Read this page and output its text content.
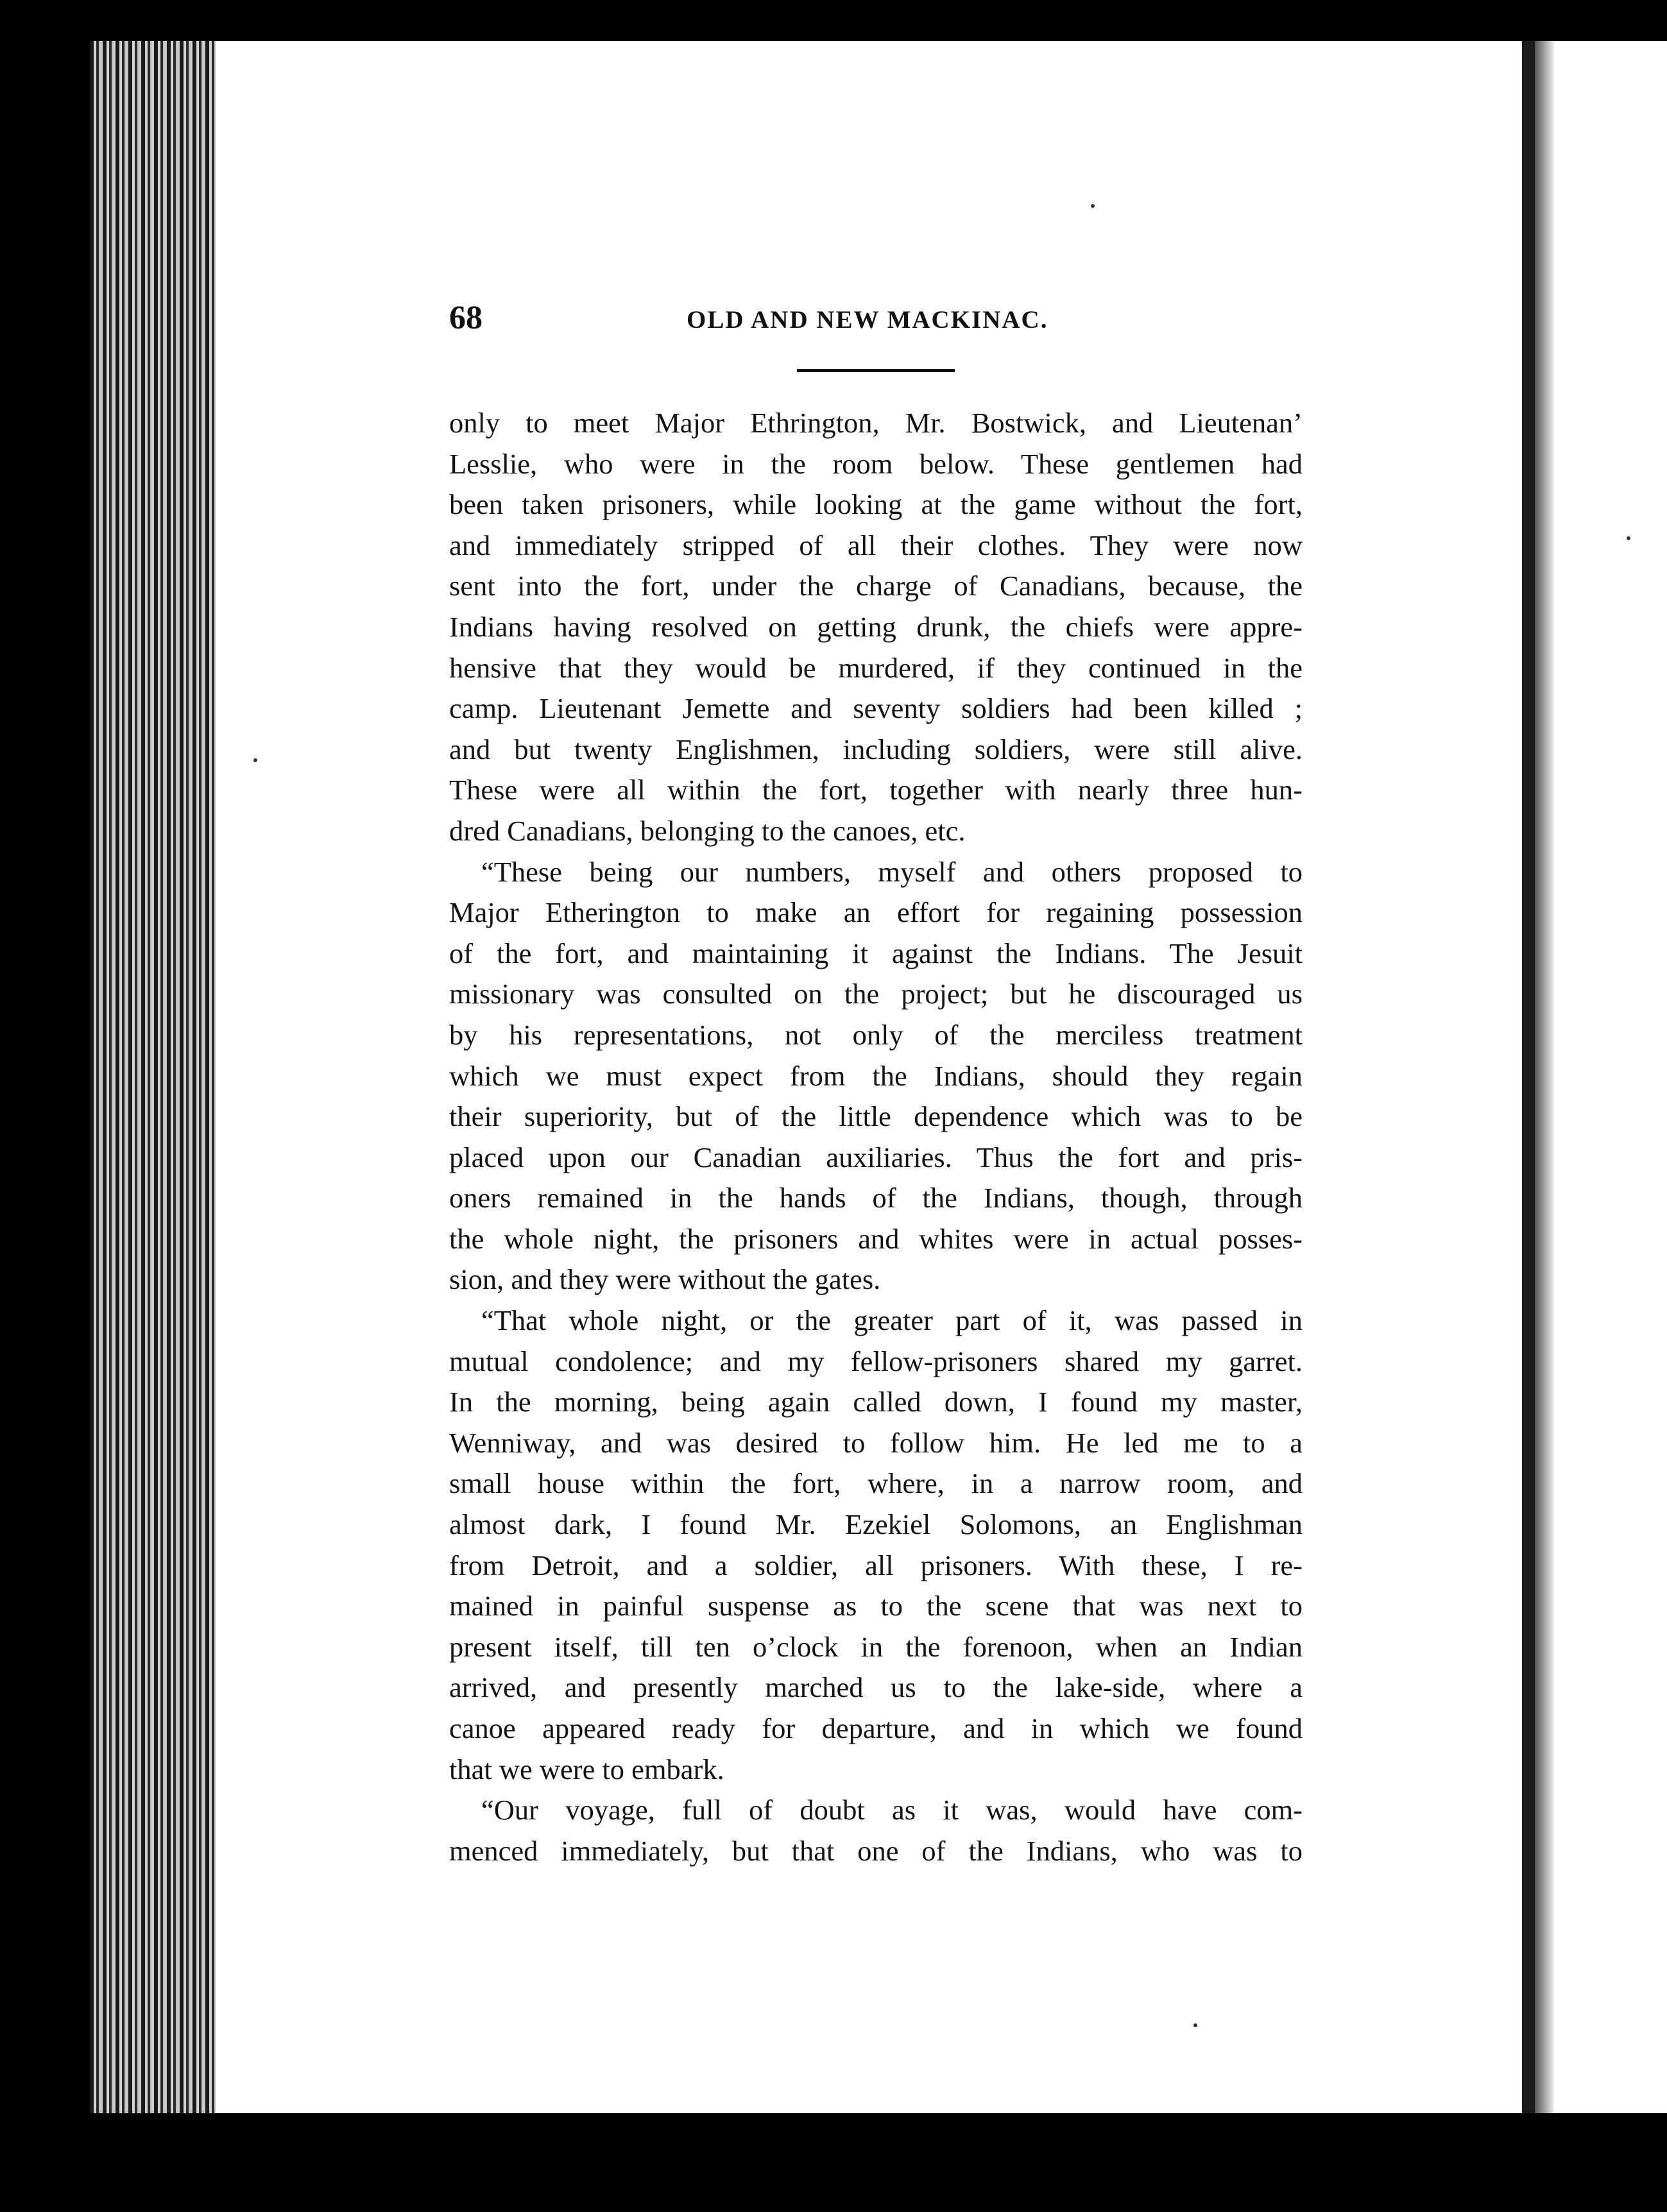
68	OLD AND NEW MACKINAC.
only to meet Major Ethrington, Mr. Bostwick, and Lieutenan’
Lesslie, who were in the room below. These gentlemen had
been taken prisoners, while looking at the game without the fort,
and immediately stripped of all their clothes. They were now
sent into the fort, under the charge of Canadians, because, the
Indians having resolved on getting drunk, the chiefs were appre-
hensive that they would be murdered, if they continued in the
camp. Lieutenant Jemette and seventy soldiers had been killed ;
and but twenty Englishmen, including soldiers, were still alive.
These were all within the fort, together with nearly three hun-
dred Canadians, belonging to the canoes, etc.
“These being our numbers, myself and others proposed to
Major Etherington to make an effort for regaining possession
of the fort, and maintaining it against the Indians. The Jesuit
missionary was consulted on the project; but he discouraged us
by his representations, not only of the merciless treatment
which we must expect from the Indians, should they regain
their superiority, but of the little dependence which was to be
placed upon our Canadian auxiliaries. Thus the fort and pris-
oners remained in the hands of the Indians, though, through
the whole night, the prisoners and whites were in actual posses-
sion, and they were without the gates.
“That whole night, or the greater part of it, was passed in
mutual condolence; and my fellow-prisoners shared my garret.
In the morning, being again called down, I found my master,
Wenniway, and was desired to follow him. He led me to a
small house within the fort, where, in a narrow room, and
almost dark, I found Mr. Ezekiel Solomons, an Englishman
from Detroit, and a soldier, all prisoners. With these, I re-
mained in painful suspense as to the scene that was next to
present itself, till ten o’clock in the forenoon, when an Indian
arrived, and presently marched us to the lake-side, where a
canoe appeared ready for departure, and in which we found
that we were to embark.
“Our voyage, full of doubt as it was, would have com-
menced immediately, but that one of the Indians, who was to
